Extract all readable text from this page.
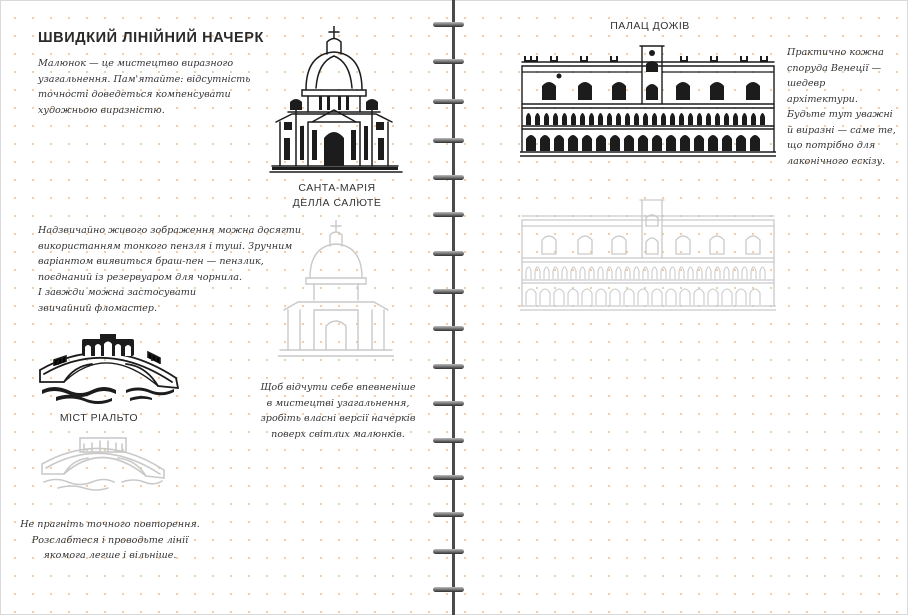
ШВИДКИЙ ЛІНІЙНИЙ НАЧЕРК
Малюнок — це мистецтво виразного
узагальнення. Пам'ятайте: відсутність
точності доведеться компенсувати
художньою виразністю.
Надзвичайно живого зображення можна досягти
використанням тонкого пензля і туші. Зручним
варіантом виявиться браш-пен — пензлик,
поєднаний із резервуаром для чорнила.
І завжди можна застосувати
звичайний фломастер.
МІСТ РІАЛЬТО
Не прагніть точного повторення.
Розслабтеся і проводьте лінії
якомога легше і вільніше.
САНТА-МАРІЯ
ДЕЛЛА САЛЮТЕ
Щоб відчути себе впевненіше
в мистецтві узагальнення,
зробіть власні версії начерків
поверх світлих малюнків.
ПАЛАЦ ДОЖІВ
Практично кожна
споруда Венеції —
шедевр архітектури.
Будьте тут уважні
й виразні — саме те,
що потрібно для
лаконічного ескізу.
